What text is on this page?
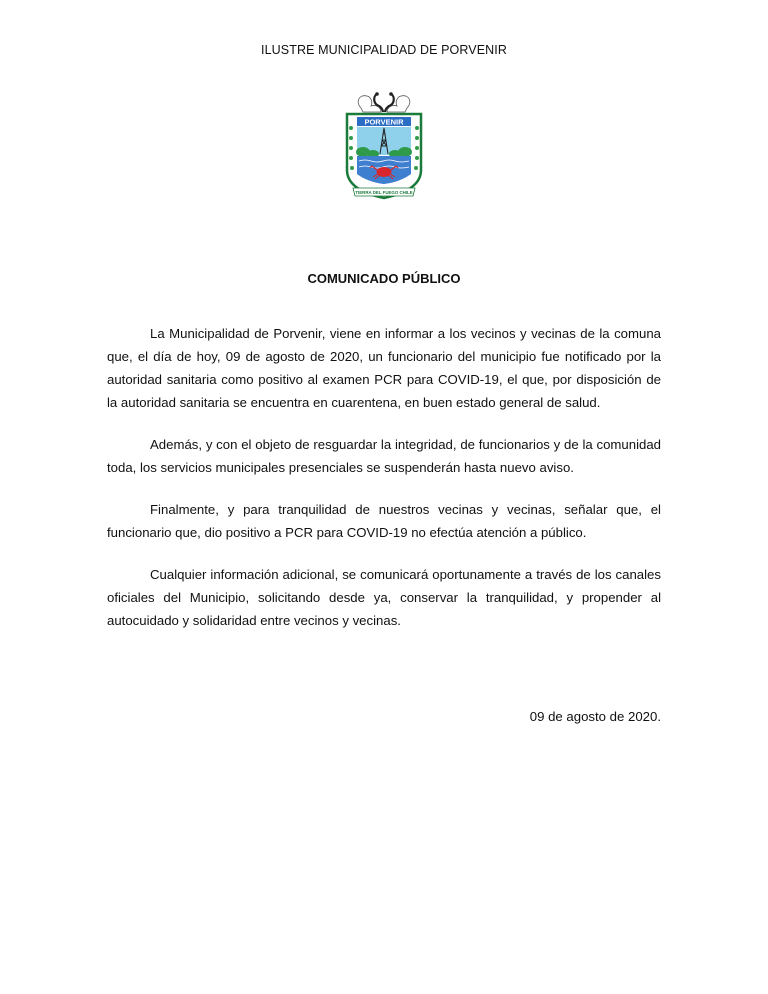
ILUSTRE MUNICIPALIDAD DE PORVENIR
PORVENIR
TIERRA DEL FUEGO CHILE
COMUNICADO PÚBLICO

La Municipalidad de Porvenir, viene en informar a los vecinos y vecinas de la comuna que, el día de hoy, 09 de agosto de 2020, un funcionario del municipio fue notificado por la autoridad sanitaria como positivo al examen PCR para COVID-19, el que, por disposición de la autoridad sanitaria se encuentra en cuarentena, en buen estado general de salud.

Además, y con el objeto de resguardar la integridad, de funcionarios y de la comunidad toda, los servicios municipales presenciales se suspenderán hasta nuevo aviso.

Finalmente, y para tranquilidad de nuestros vecinas y vecinas, señalar que, el funcionario que, dio positivo a PCR para COVID-19 no efectúa atención a público.

Cualquier información adicional, se comunicará oportunamente a través de los canales oficiales del Municipio, solicitando desde ya, conservar la tranquilidad, y propender al autocuidado y solidaridad entre vecinos y vecinas.

09 de agosto de 2020.
